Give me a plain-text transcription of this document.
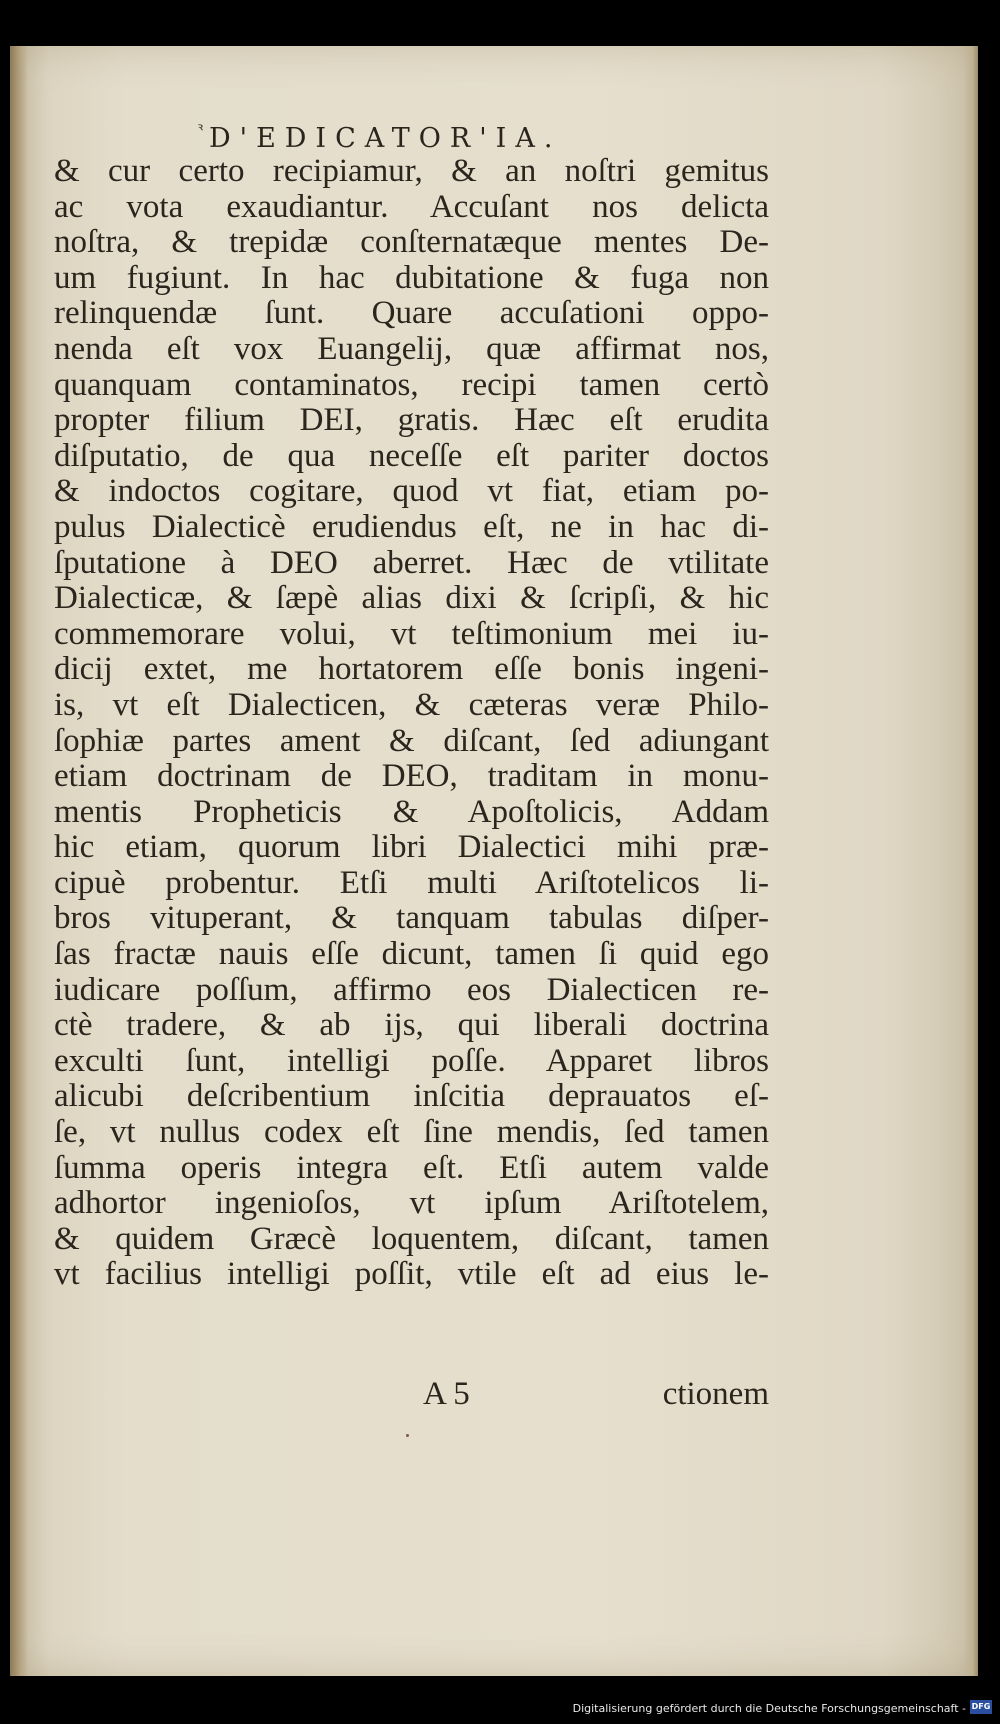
ᷣD'EDICATOR'IA.
& cur certo recipiamur, & an noſtri gemitus
ac vota exaudiantur. Accuſant nos delicta
noſtra, & trepidæ conſternatæque mentes De-
um fugiunt. In hac dubitatione & fuga non
relinquendæ ſunt. Quare accuſationi oppo-
nenda eſt vox Euangelij, quæ affirmat nos,
quanquam contaminatos, recipi tamen certò
propter filium DEI, gratis. Hæc eſt erudita
diſputatio, de qua neceſſe eſt pariter doctos
& indoctos cogitare, quod vt fiat, etiam po-
pulus Dialecticè erudiendus eſt, ne in hac di-
ſputatione à DEO aberret. Hæc de vtilitate
Dialecticæ, & ſæpè alias dixi & ſcripſi, & hic
commemorare volui, vt teſtimonium mei iu-
dicij extet, me hortatorem eſſe bonis ingeni-
is, vt eſt Dialecticen, & cæteras veræ Philo-
ſophiæ partes ament & diſcant, ſed adiungant
etiam doctrinam de DEO, traditam in monu-
mentis Propheticis & Apoſtolicis, Addam
hic etiam, quorum libri Dialectici mihi præ-
cipuè probentur. Etſi multi Ariſtotelicos li-
bros vituperant, & tanquam tabulas diſper-
ſas fractæ nauis eſſe dicunt, tamen ſi quid ego
iudicare poſſum, affirmo eos Dialecticen re-
ctè tradere, & ab ijs, qui liberali doctrina
exculti ſunt, intelligi poſſe. Apparet libros
alicubi deſcribentium inſcitia deprauatos eſ-
ſe, vt nullus codex eſt ſine mendis, ſed tamen
ſumma operis integra eſt. Etſi autem valde
adhortor ingenioſos, vt ipſum Ariſtotelem,
& quidem Græcè loquentem, diſcant, tamen
vt facilius intelligi poſſit, vtile eſt ad eius le-
A 5	ctionem
Digitalisierung gefördert durch die Deutsche Forschungsgemeinschaft - DFG
